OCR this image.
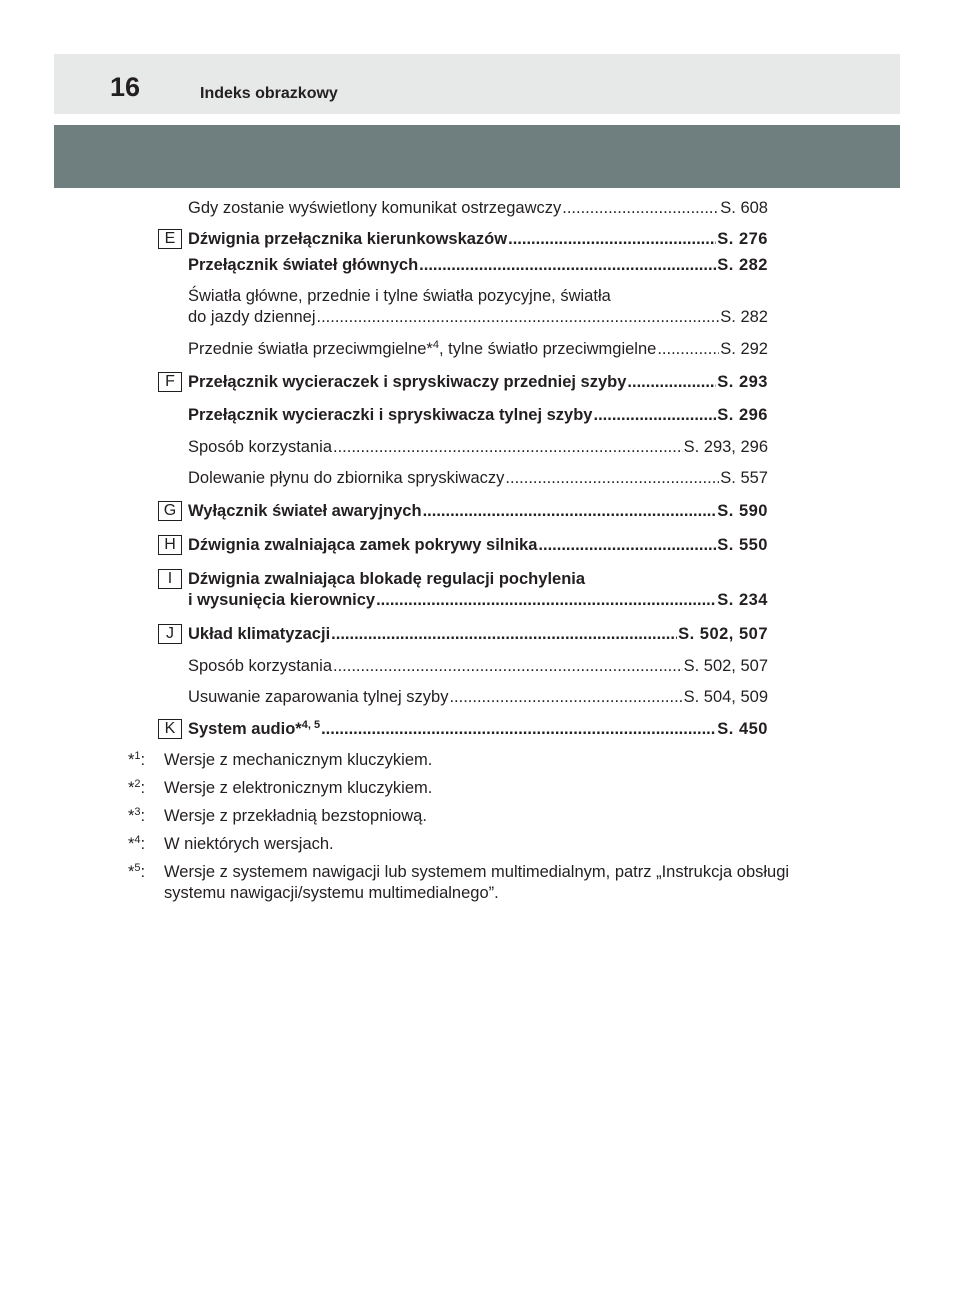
16	Indeks obrazkowy
Gdy zostanie wyświetlony komunikat ostrzegawczy .....	S. 608
E Dźwignia przełącznika kierunkowskazów .....	S. 276
Przełącznik świateł głównych .....	S. 282
Światła główne, przednie i tylne światła pozycyjne, światła
do jazdy dziennej .....	S. 282
Przednie światła przeciwmgielne*$^4$, tylne światło przeciwmgielne .....	S. 292
F Przełącznik wycieraczek i spryskiwaczy przedniej szyby .....	S. 293
Przełącznik wycieraczki i spryskiwacza tylnej szyby .....	S. 296
Sposób korzystania .....	S. 293, 296
Dolewanie płynu do zbiornika spryskiwaczy .....	S. 557
G Wyłącznik świateł awaryjnych .....	S. 590
H Dźwignia zwalniająca zamek pokrywy silnika .....	S. 550
I Dźwignia zwalniająca blokadę regulacji pochylenia
i wysunięcia kierownicy .....	S. 234
J Układ klimatyzacji .....	S. 502, 507
Sposób korzystania .....	S. 502, 507
Usuwanie zaparowania tylnej szyby .....	S. 504, 509
K System audio*$^{4, 5}$ .....	S. 450
*$^1$:	Wersje z mechanicznym kluczykiem.
*$^2$:	Wersje z elektronicznym kluczykiem.
*$^3$:	Wersje z przekładnią bezstopniową.
*$^4$:	W niektórych wersjach.
*$^5$:	Wersje z systemem nawigacji lub systemem multimedialnym, patrz „Instrukcja obsługi systemu nawigacji/systemu multimedialnego”.
